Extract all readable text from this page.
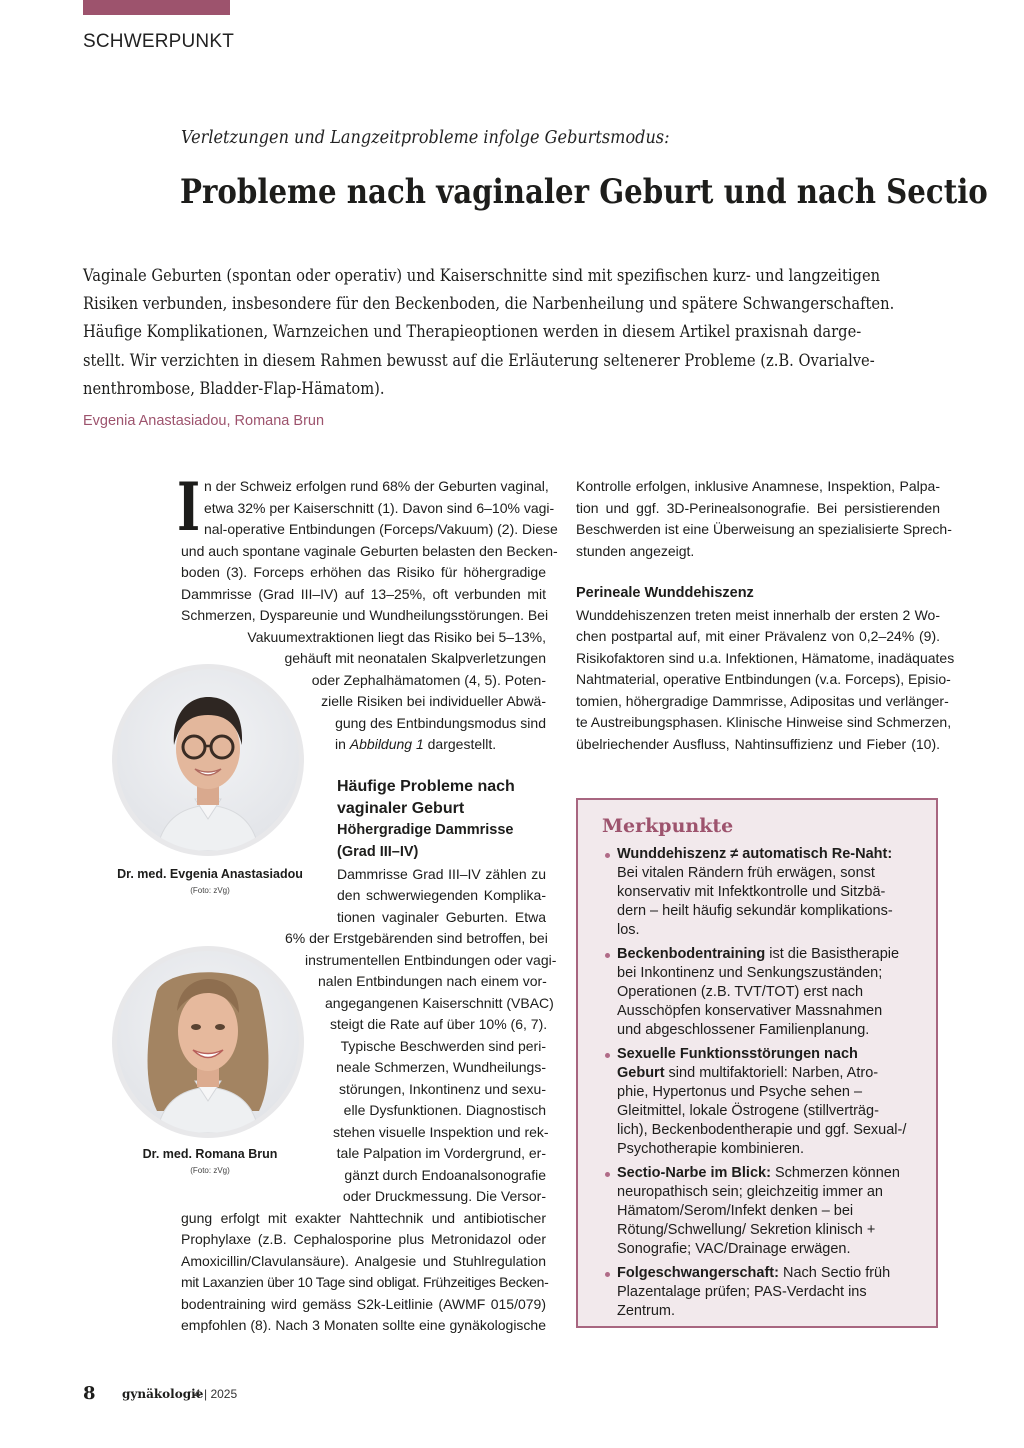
SCHWERPUNKT
Verletzungen und Langzeitprobleme infolge Geburtsmodus:
Probleme nach vaginaler Geburt und nach Sectio
Vaginale Geburten (spontan oder operativ) und Kaiserschnitte sind mit spezifischen kurz- und langzeitigen
Risiken verbunden, insbesondere für den Beckenboden, die Narbenheilung und spätere Schwangerschaften.
Häufige Komplikationen, Warnzeichen und Therapieoptionen werden in diesem Artikel praxisnah darge-
stellt. Wir verzichten in diesem Rahmen bewusst auf die Erläuterung seltenerer Probleme (z.B. Ovarialve-
nenthrombose, Bladder-Flap-Hämatom).
Evgenia Anastasiadou, Romana Brun
I n der Schweiz erfolgen rund 68% der Geburten vaginal,
etwa 32% per Kaiserschnitt (1). Davon sind 6–10% vagi-
nal-operative Entbindungen (Forceps/Vakuum) (2). Diese
und auch spontane vaginale Geburten belasten den Becken-
boden (3). Forceps erhöhen das Risiko für höhergradige
Dammrisse (Grad III–IV) auf 13–25%, oft verbunden mit
Schmerzen, Dyspareunie und Wundheilungsstörungen. Bei
Vakuumextraktionen liegt das Risiko bei 5–13%,
gehäuft mit neonatalen Skalpverletzungen
oder Zephalhämatomen (4, 5). Poten-
zielle Risiken bei individueller Abwä-
gung des Entbindungsmodus sind
in Abbildung 1 dargestellt.
Häufige Probleme nach
vaginaler Geburt
Höhergradige Dammrisse
(Grad III–IV)
Dammrisse Grad III–IV zählen zu
den schwerwiegenden Komplika-
tionen vaginaler Geburten. Etwa
6% der Erstgebärenden sind betroffen, bei
instrumentellen Entbindungen oder vagi-
nalen Entbindungen nach einem vor-
angegangenen Kaiserschnitt (VBAC)
steigt die Rate auf über 10% (6, 7).
Typische Beschwerden sind peri-
neale Schmerzen, Wundheilungs-
störungen, Inkontinenz und sexu-
elle Dysfunktionen. Diagnostisch
stehen visuelle Inspektion und rek-
tale Palpation im Vordergrund, er-
gänzt durch Endoanalsonografie
oder Druckmessung. Die Versor-
gung erfolgt mit exakter Nahttechnik und antibiotischer
Prophylaxe (z.B. Cephalosporine plus Metronidazol oder
Amoxicillin/Clavulansäure). Analgesie und Stuhlregulation
mit Laxanzien über 10 Tage sind obligat. Frühzeitiges Becken-
bodentraining wird gemäss S2k-Leitlinie (AWMF 015/079)
empfohlen (8). Nach 3 Monaten sollte eine gynäkologische
Dr. med. Evgenia Anastasiadou
(Foto: zVg)
Dr. med. Romana Brun
(Foto: zVg)
Kontrolle erfolgen, inklusive Anamnese, Inspektion, Palpa-
tion und ggf. 3D-Perinealsonografie. Bei persistierenden
Beschwerden ist eine Überweisung an spezialisierte Sprech-
stunden angezeigt.
Perineale Wunddehiszenz
Wunddehiszenzen treten meist innerhalb der ersten 2 Wo-
chen postpartal auf, mit einer Prävalenz von 0,2–24% (9).
Risikofaktoren sind u.a. Infektionen, Hämatome, inadäquates
Nahtmaterial, operative Entbindungen (v.a. Forceps), Episio-
tomien, höhergradige Dammrisse, Adipositas und verlänger-
te Austreibungsphasen. Klinische Hinweise sind Schmerzen,
übelriechender Ausfluss, Nahtinsuffizienz und Fieber (10).
Merkpunkte
Wunddehiszenz ≠ automatisch Re-Naht:
Bei vitalen Rändern früh erwägen, sonst
konservativ mit Infektkontrolle und Sitzbä-
dern – heilt häufig sekundär komplikations-
los.
Beckenbodentraining ist die Basistherapie
bei Inkontinenz und Senkungszuständen;
Operationen (z.B. TVT/TOT) erst nach
Ausschöpfen konservativer Massnahmen
und abgeschlossener Familienplanung.
Sexuelle Funktionsstörungen nach
Geburt sind multifaktoriell: Narben, Atro-
phie, Hypertonus und Psyche sehen –
Gleitmittel, lokale Östrogene (stillverträg-
lich), Beckenbodentherapie und ggf. Sexual-/
Psychotherapie kombinieren.
Sectio-Narbe im Blick: Schmerzen können
neuropathisch sein; gleichzeitig immer an
Hämatom/Serom/Infekt denken – bei
Rötung/Schwellung/ Sekretion klinisch +
Sonografie; VAC/Drainage erwägen.
Folgeschwangerschaft: Nach Sectio früh
Plazentalage prüfen; PAS-Verdacht ins
Zentrum.
8 gynäkologie
4 | 2025
